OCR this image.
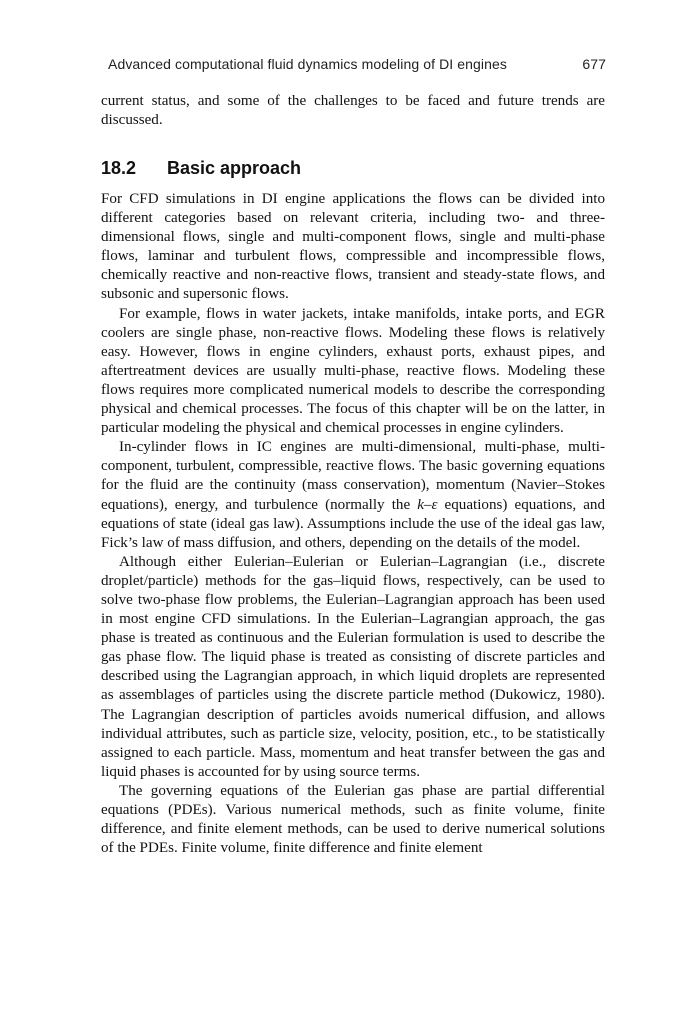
Advanced computational fluid dynamics modeling of DI engines	677

current status, and some of the challenges to be faced and future trends are discussed.

18.2 Basic approach

For CFD simulations in DI engine applications the flows can be divided into different categories based on relevant criteria, including two- and three-dimensional flows, single and multi-component flows, single and multi-phase flows, laminar and turbulent flows, compressible and incompressible flows, chemically reactive and non-reactive flows, transient and steady-state flows, and subsonic and supersonic flows.

For example, flows in water jackets, intake manifolds, intake ports, and EGR coolers are single phase, non-reactive flows. Modeling these flows is relatively easy. However, flows in engine cylinders, exhaust ports, exhaust pipes, and aftertreatment devices are usually multi-phase, reactive flows. Modeling these flows requires more complicated numerical models to describe the corresponding physical and chemical processes. The focus of this chapter will be on the latter, in particular modeling the physical and chemical processes in engine cylinders.

In-cylinder flows in IC engines are multi-dimensional, multi-phase, multi-component, turbulent, compressible, reactive flows. The basic governing equations for the fluid are the continuity (mass conservation), momentum (Navier–Stokes equations), energy, and turbulence (normally the k–ε equations) equations, and equations of state (ideal gas law). Assumptions include the use of the ideal gas law, Fick’s law of mass diffusion, and others, depending on the details of the model.

Although either Eulerian–Eulerian or Eulerian–Lagrangian (i.e., discrete droplet/particle) methods for the gas–liquid flows, respectively, can be used to solve two-phase flow problems, the Eulerian–Lagrangian approach has been used in most engine CFD simulations. In the Eulerian–Lagrangian approach, the gas phase is treated as continuous and the Eulerian formulation is used to describe the gas phase flow. The liquid phase is treated as consisting of discrete particles and described using the Lagrangian approach, in which liquid droplets are represented as assemblages of particles using the discrete particle method (Dukowicz, 1980). The Lagrangian description of particles avoids numerical diffusion, and allows individual attributes, such as particle size, velocity, position, etc., to be statistically assigned to each particle. Mass, momentum and heat transfer between the gas and liquid phases is accounted for by using source terms.

The governing equations of the Eulerian gas phase are partial differential equations (PDEs). Various numerical methods, such as finite volume, finite difference, and finite element methods, can be used to derive numerical solutions of the PDEs. Finite volume, finite difference and finite element
